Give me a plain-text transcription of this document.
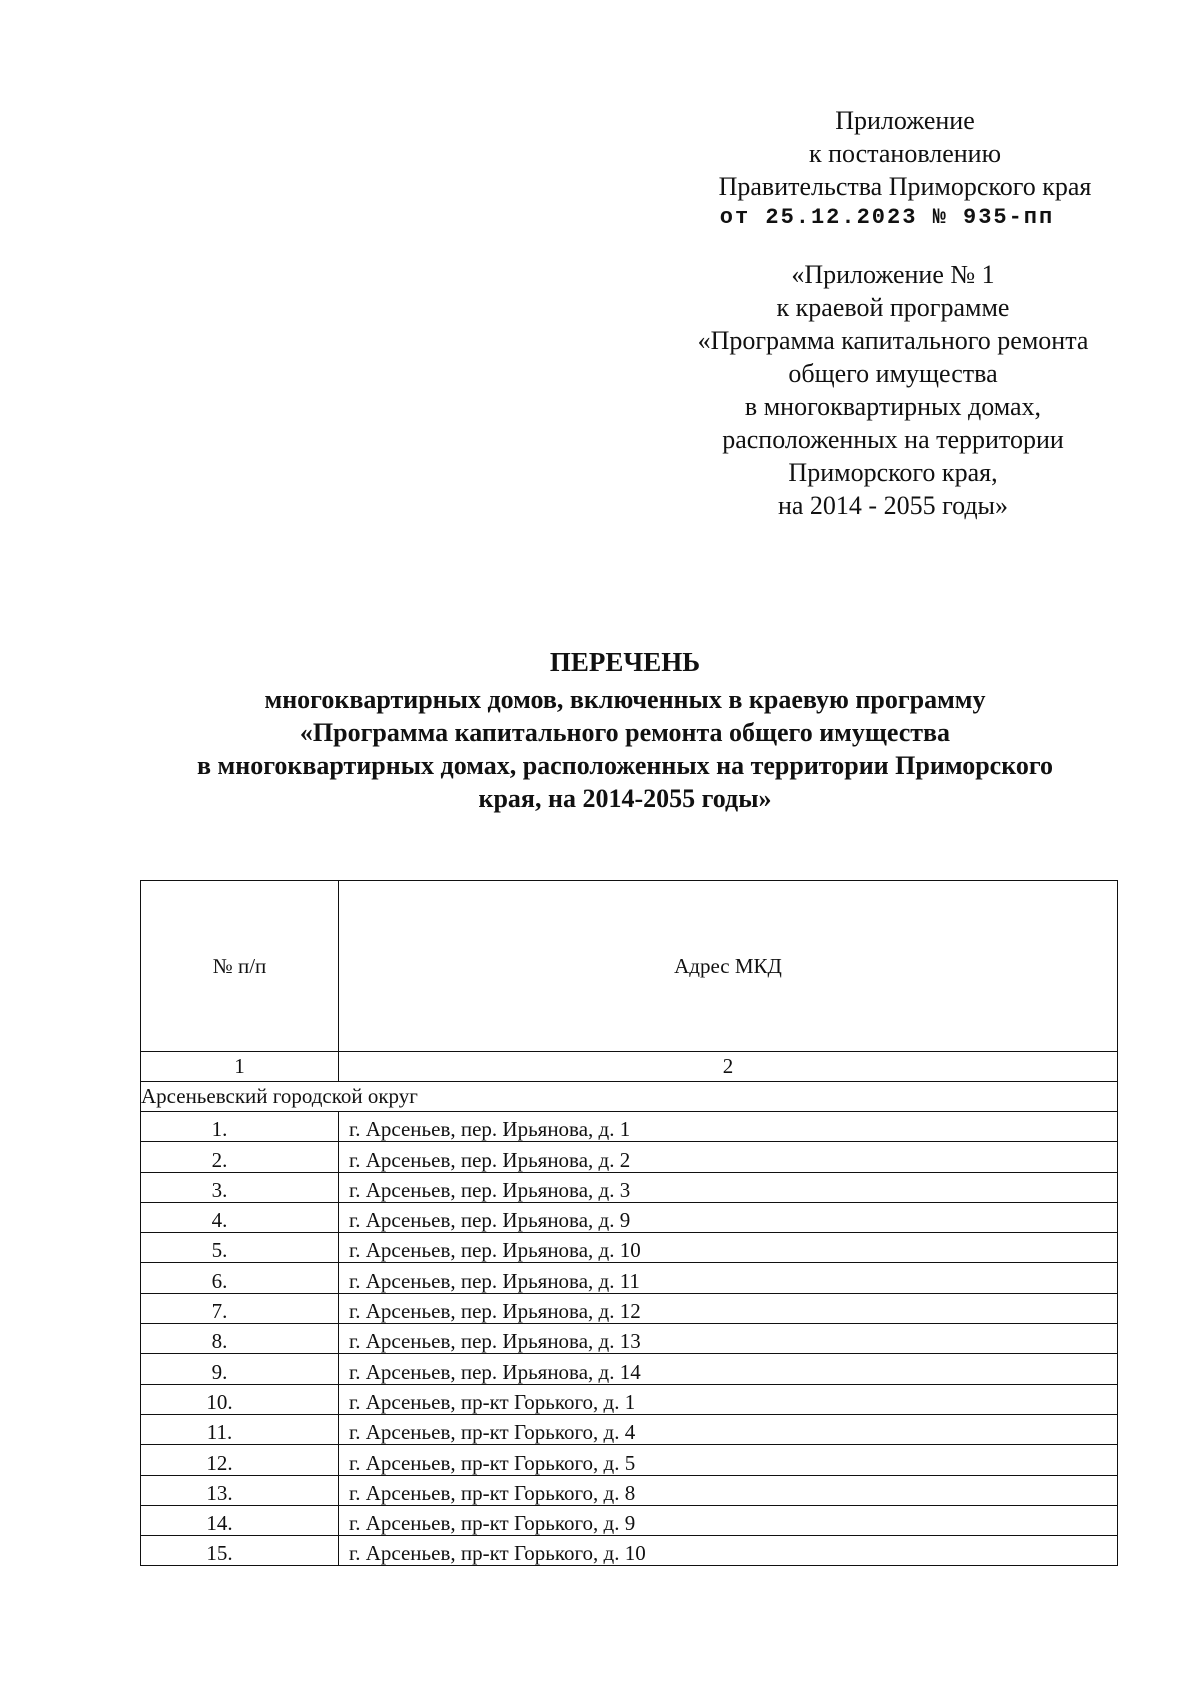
Приложение
к постановлению
Правительства Приморского края
от 25.12.2023 № 935-пп
«Приложение № 1
к краевой программе
«Программа капитального ремонта
общего имущества
в многоквартирных домах,
расположенных на территории
Приморского края,
на 2014 - 2055 годы»
ПЕРЕЧЕНЬ
многоквартирных домов, включенных в краевую программу
«Программа капитального ремонта общего имущества
в многоквартирных домах, расположенных на территории Приморского
края, на 2014-2055 годы»
№ п/п	Адрес МКД
1	2
Арсеньевский городской округ	
1.	г. Арсеньев, пер. Ирьянова, д. 1
2.	г. Арсеньев, пер. Ирьянова, д. 2
3.	г. Арсеньев, пер. Ирьянова, д. 3
4.	г. Арсеньев, пер. Ирьянова, д. 9
5.	г. Арсеньев, пер. Ирьянова, д. 10
6.	г. Арсеньев, пер. Ирьянова, д. 11
7.	г. Арсеньев, пер. Ирьянова, д. 12
8.	г. Арсеньев, пер. Ирьянова, д. 13
9.	г. Арсеньев, пер. Ирьянова, д. 14
10.	г. Арсеньев, пр-кт Горького, д. 1
11.	г. Арсеньев, пр-кт Горького, д. 4
12.	г. Арсеньев, пр-кт Горького, д. 5
13.	г. Арсеньев, пр-кт Горького, д. 8
14.	г. Арсеньев, пр-кт Горького, д. 9
15.	г. Арсеньев, пр-кт Горького, д. 10
